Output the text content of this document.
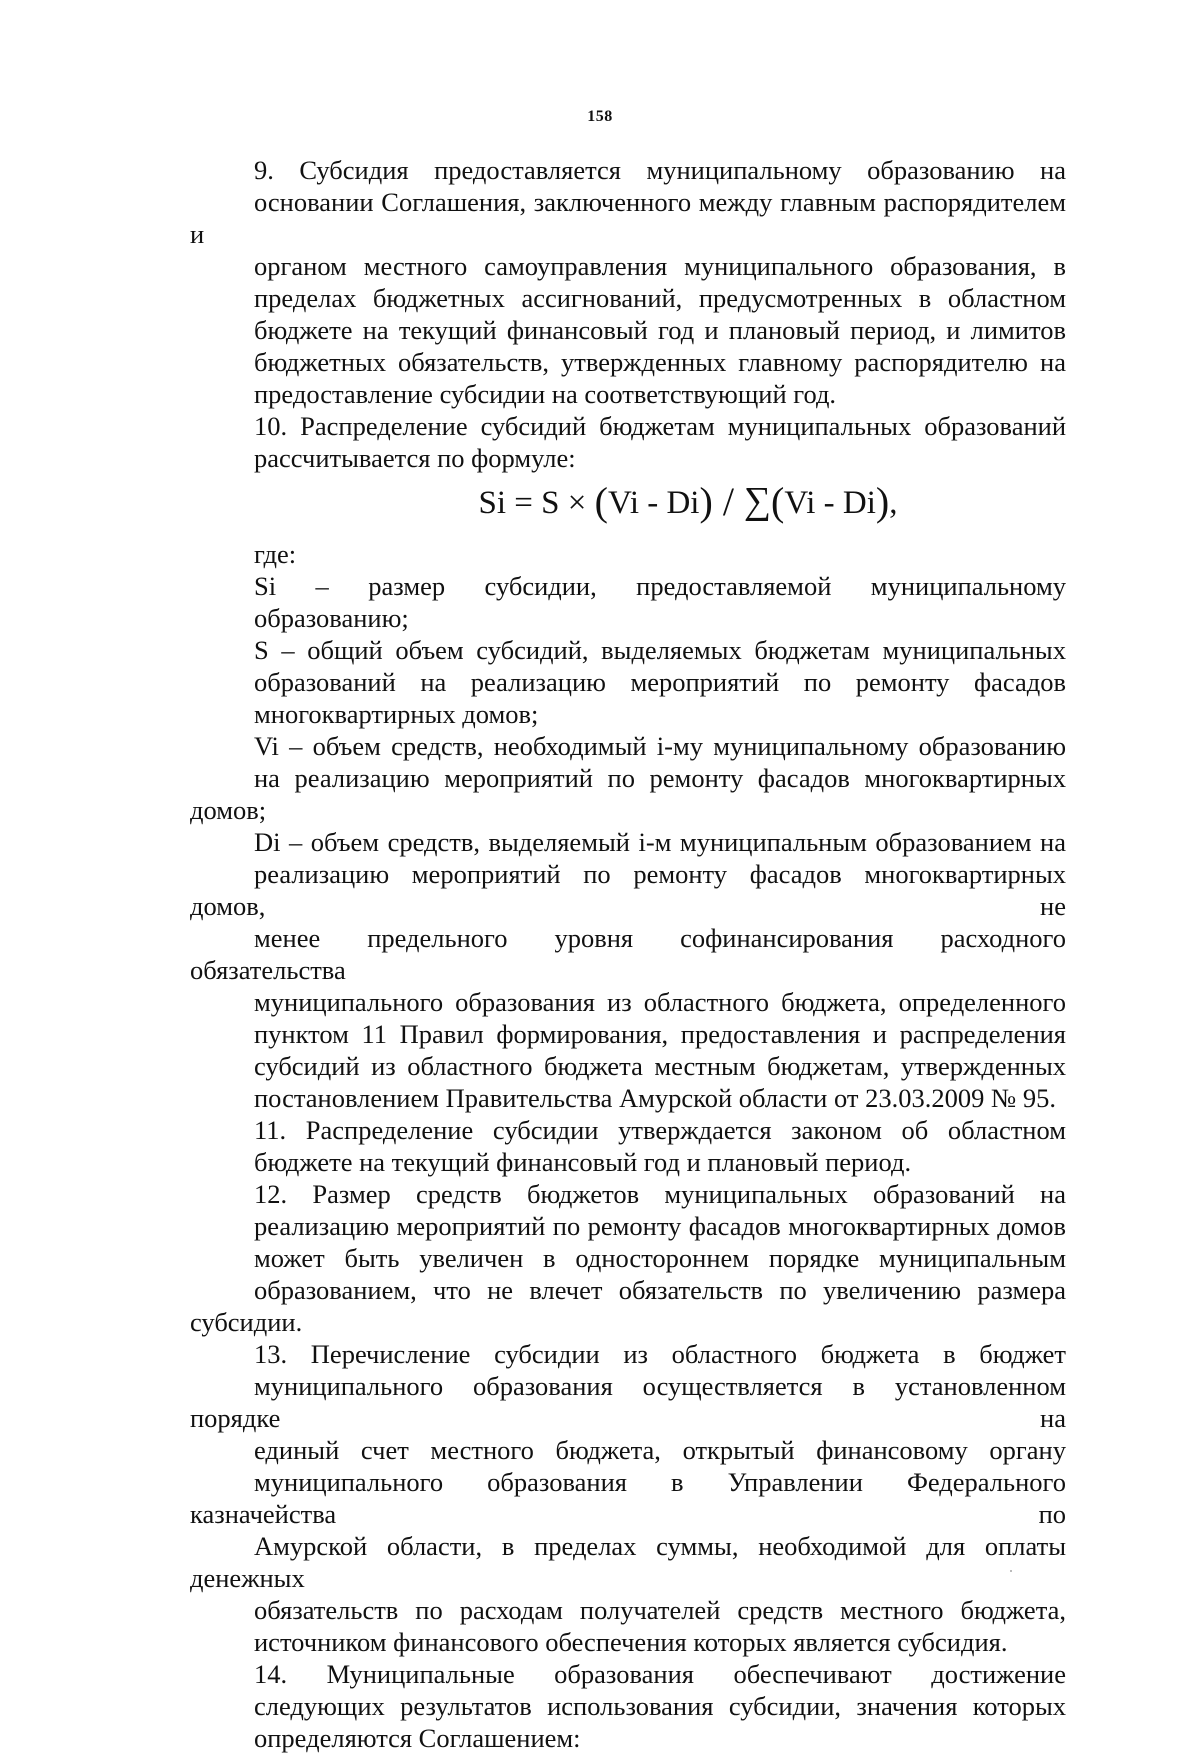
158

9. Субсидия предоставляется муниципальному образованию на
основании Соглашения, заключенного между главным распорядителем и
органом местного самоуправления муниципального образования, в
пределах бюджетных ассигнований, предусмотренных в областном
бюджете на текущий финансовый год и плановый период, и лимитов
бюджетных обязательств, утвержденных главному распорядителю на
предоставление субсидии на соответствующий год.

10. Распределение субсидий бюджетам муниципальных образований
рассчитывается по формуле:

Si = S × (Vi - Di) / ∑(Vi - Di),

где:

Si – размер субсидии, предоставляемой муниципальному
образованию;

S – общий объем субсидий, выделяемых бюджетам муниципальных
образований на реализацию мероприятий по ремонту фасадов
многоквартирных домов;

Vi – объем средств, необходимый i-му муниципальному образованию
на реализацию мероприятий по ремонту фасадов многоквартирных домов;

Di – объем средств, выделяемый i-м муниципальным образованием на
реализацию мероприятий по ремонту фасадов многоквартирных домов, не
менее предельного уровня софинансирования расходного обязательства
муниципального образования из областного бюджета, определенного
пунктом 11 Правил формирования, предоставления и распределения
субсидий из областного бюджета местным бюджетам, утвержденных
постановлением Правительства Амурской области от 23.03.2009 № 95.

11. Распределение субсидии утверждается законом об областном
бюджете на текущий финансовый год и плановый период.

12. Размер средств бюджетов муниципальных образований на
реализацию мероприятий по ремонту фасадов многоквартирных домов
может быть увеличен в одностороннем порядке муниципальным
образованием, что не влечет обязательств по увеличению размера субсидии.

13. Перечисление субсидии из областного бюджета в бюджет
муниципального образования осуществляется в установленном порядке на
единый счет местного бюджета, открытый финансовому органу
муниципального образования в Управлении Федерального казначейства по
Амурской области, в пределах суммы, необходимой для оплаты денежных
обязательств по расходам получателей средств местного бюджета,
источником финансового обеспечения которых является субсидия.

14. Муниципальные образования обеспечивают достижение
следующих результатов использования субсидии, значения которых
определяются Соглашением:
